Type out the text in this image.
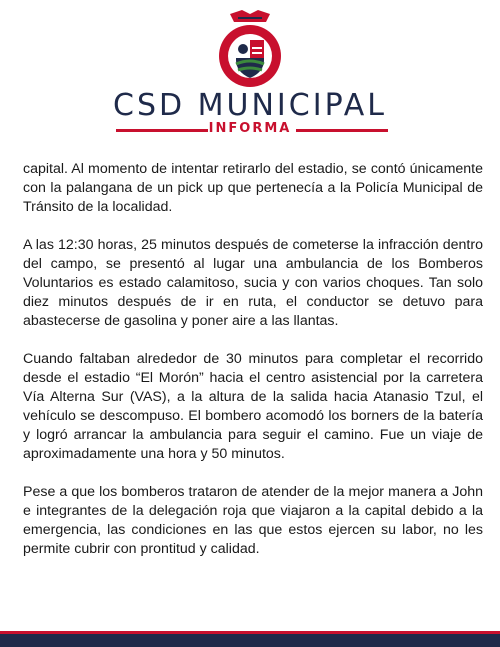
CSD MUNICIPAL
INFORMA

capital. Al momento de intentar retirarlo del estadio, se contó únicamente con la palangana de un pick up que pertenecía a la Policía Municipal de Tránsito de la localidad.

A las 12:30 horas, 25 minutos después de cometerse la infracción dentro del campo, se presentó al lugar una ambulancia de los Bomberos Voluntarios es estado calamitoso, sucia y con varios choques. Tan solo diez minutos después de ir en ruta, el conductor se detuvo para abastecerse de gasolina y poner aire a las llantas.

Cuando faltaban alrededor de 30 minutos para completar el recorrido desde el estadio “El Morón” hacia el centro asistencial por la carretera Vía Alterna Sur (VAS), a la altura de la salida hacia Atanasio Tzul, el vehículo se descompuso. El bombero acomodó los borners de la batería y logró arrancar la ambulancia para seguir el camino. Fue un viaje de aproximadamente una hora y 50 minutos.

Pese a que los bomberos trataron de atender de la mejor manera a John e integrantes de la delegación roja que viajaron a la capital debido a la emergencia, las condiciones en las que estos ejercen su labor, no les permite cubrir con prontitud y calidad.
